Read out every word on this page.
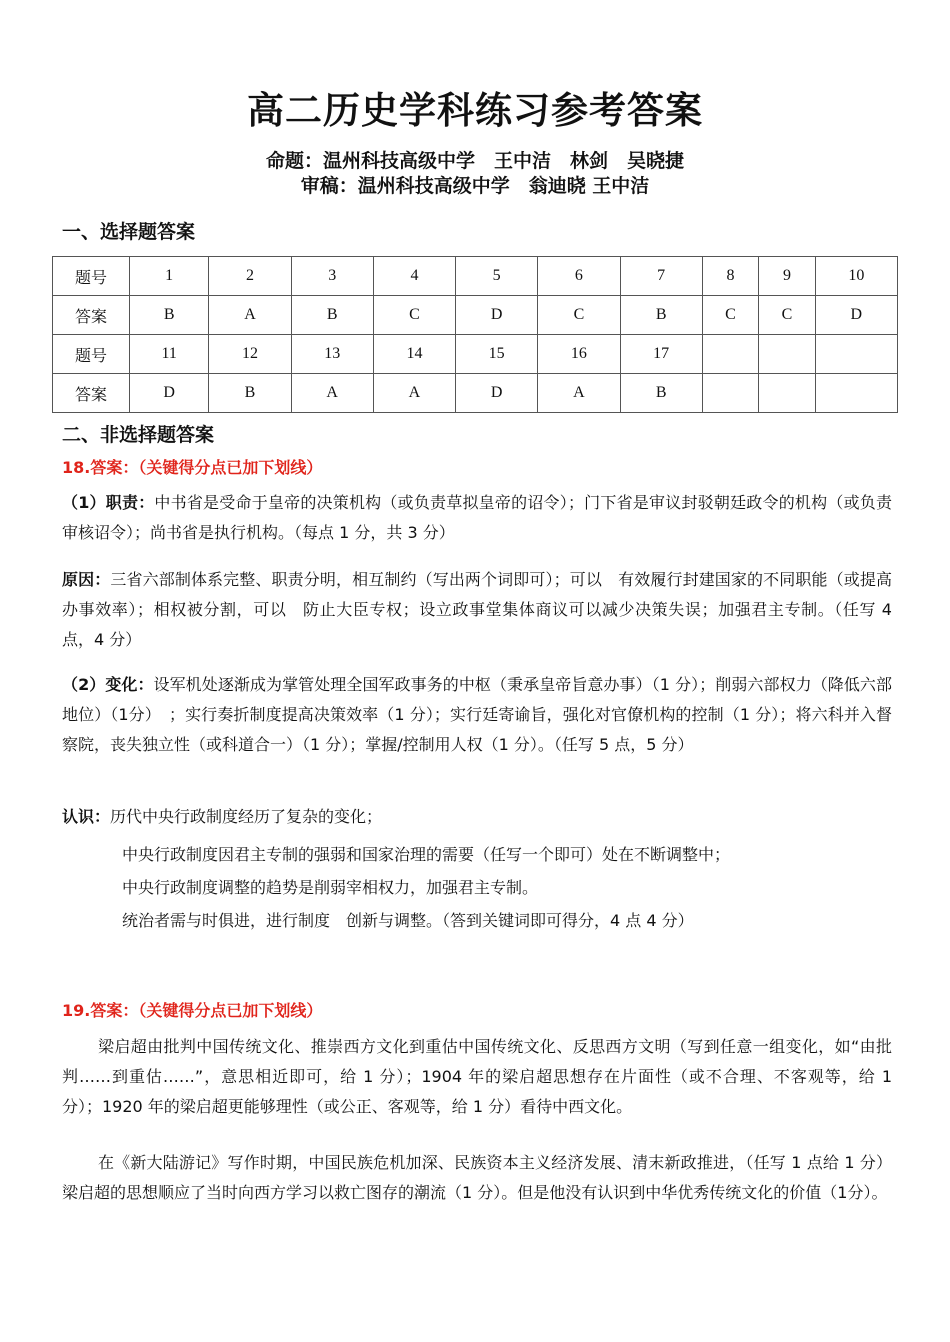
高二历史学科练习参考答案
命题：温州科技高级中学　王中洁　林剑　吴晓捷
审稿：温州科技高级中学　翁迪晓 王中洁
一、选择题答案
题号	1	2	3	4	5	6	7	8	9	10
答案	B	A	B	C	D	C	B	C	C	D
题号	11	12	13	14	15	16	17			
答案	D	B	A	A	D	A	B			
二、非选择题答案
18.答案：（关键得分点已加下划线）
（1）职责：中书省是受命于皇帝的决策机构（或负责草拟皇帝的诏令）；门下省是审议封驳朝廷政令的机构（或负责审核诏令）；尚书省是执行机构。（每点 1 分，共 3 分）
原因：三省六部制体系完整、职责分明，相互制约（写出两个词即可）；可以　有效履行封建国家的不同职能（或提高办事效率）；相权被分割，可以　防止大臣专权；设立政事堂集体商议可以减少决策失误；加强君主专制。（任写 4 点，4 分）
（2）变化：设军机处逐渐成为掌管处理全国军政事务的中枢（秉承皇帝旨意办事）（1 分）；削弱六部权力（降低六部地位）（1分）　；实行奏折制度提高决策效率（1 分）；实行廷寄谕旨，强化对官僚机构的控制（1 分）；将六科并入督察院，丧失独立性（或科道合一）（1 分）；掌握/控制用人权（1 分）。（任写 5 点，5 分）
认识：历代中央行政制度经历了复杂的变化；
中央行政制度因君主专制的强弱和国家治理的需要（任写一个即可）处在不断调整中；
中央行政制度调整的趋势是削弱宰相权力，加强君主专制。
统治者需与时俱进，进行制度　创新与调整。（答到关键词即可得分，4 点 4 分）
19.答案：（关键得分点已加下划线）
梁启超由批判中国传统文化、推崇西方文化到重估中国传统文化、反思西方文明（写到任意一组变化，如“由批判……到重估……”，意思相近即可，给 1 分）；1904 年的梁启超思想存在片面性（或不合理、不客观等，给 1 分）；1920 年的梁启超更能够理性（或公正、客观等，给 1 分）看待中西文化。
在《新大陆游记》写作时期，中国民族危机加深、民族资本主义经济发展、清末新政推进，（任写 1 点给 1 分）梁启超的思想顺应了当时向西方学习以救亡图存的潮流（1 分）。但是他没有认识到中华优秀传统文化的价值（1分）。
